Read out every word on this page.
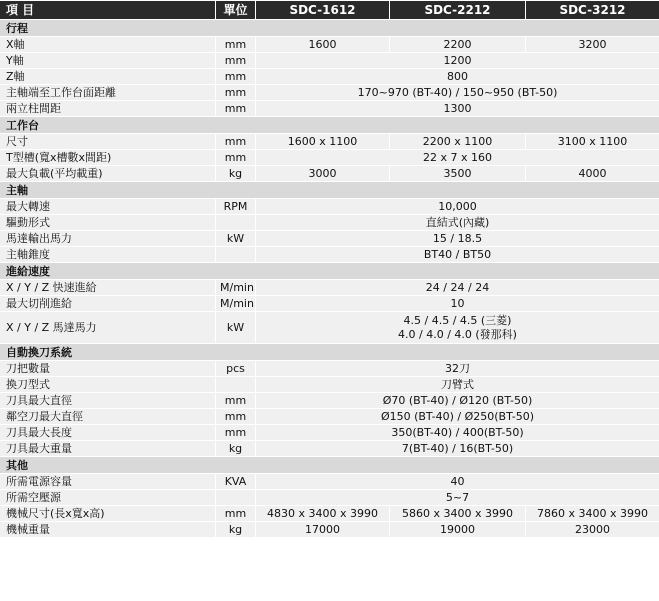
項 目	單位	SDC-1612	SDC-2212	SDC-3212
行程				
X軸	mm	1600	2200	3200
Y軸	mm	1200		
Z軸	mm	800		
主軸端至工作台面距離	mm	170~970 (BT-40) / 150~950 (BT-50)		
兩立柱間距	mm	1300		
工作台				
尺寸	mm	1600 x 1100	2200 x 1100	3100 x 1100
T型槽(寬x槽數x間距)	mm	22 x 7 x 160		
最大負載(平均載重)	kg	3000	3500	4000
主軸				
最大轉速	RPM	10,000		
驅動形式		直結式(內藏)		
馬達輸出馬力	kW	15 / 18.5		
主軸錐度		BT40 / BT50		
進給速度				
X / Y / Z 快速進給	M/min	24 / 24 / 24		
最大切削進給	M/min	10		
X / Y / Z 馬達馬力	kW	4.5 / 4.5 / 4.5 (三菱)
4.0 / 4.0 / 4.0 (發那科)		

自動換刀系統				
刀把數量	pcs	32刀		
換刀型式		刀臂式		
刀具最大直徑	mm	Ø70 (BT-40) / Ø120 (BT-50)		
鄰空刀最大直徑	mm	Ø150 (BT-40) / Ø250(BT-50)		
刀具最大長度	mm	350(BT-40) / 400(BT-50)		
刀具最大重量	kg	7(BT-40) / 16(BT-50)		
其他				
所需電源容量	KVA	40		
所需空壓源		5~7		
機械尺寸(長x寬x高)	mm	4830 x 3400 x 3990	5860 x 3400 x 3990	7860 x 3400 x 3990
機械重量	kg	17000	19000	23000
